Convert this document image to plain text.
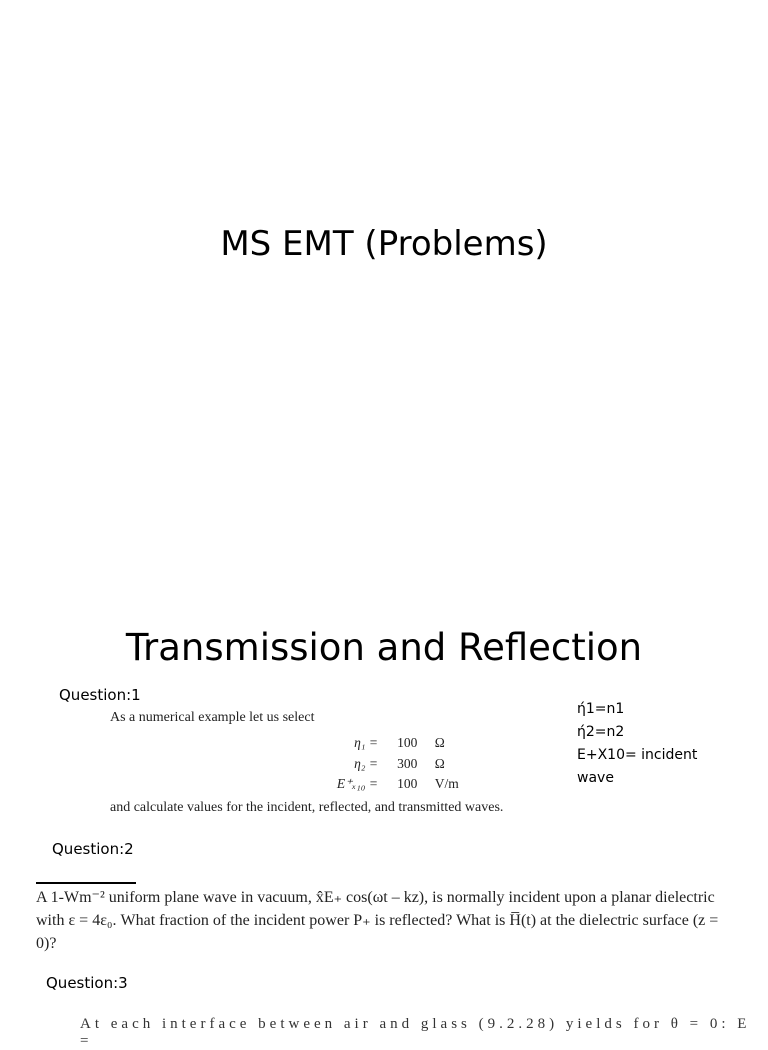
MS EMT (Problems)
Transmission and Reflection
Question:1
As a numerical example let us select
η₁ = 100 Ω
η₂ = 300 Ω
E⁺ₓ₁₀ = 100 V/m
and calculate values for the incident, reflected, and transmitted waves.
ή1=n1
ή2=n2
E+X10= incident
wave
Question:2
A 1-Wm⁻² uniform plane wave in vacuum, x̂E₊ cos(ωt – kz), is normally incident upon a planar dielectric with ε = 4ε₀. What fraction of the incident power P₊ is reflected? What is H̅(t) at the dielectric surface (z = 0)?
Question:3
At each interface between air and glass (9.2.28) yields for θ = 0: E =
